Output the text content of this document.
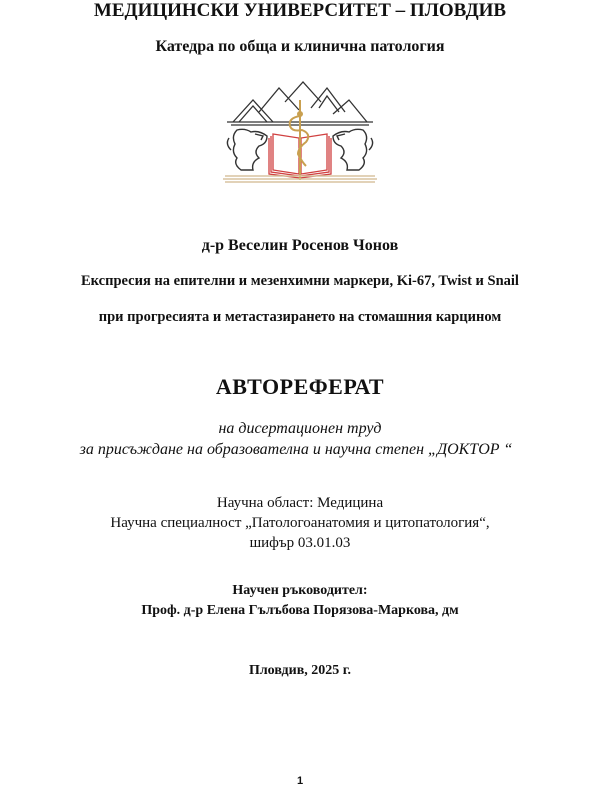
МЕДИЦИНСКИ УНИВЕРСИТЕТ – ПЛОВДИВ
Катедра по обща и клинична патология
д-р Веселин Росенов Чонов
Експресия на епителни и мезенхимни маркери, Ki-67, Twist и Snail
при прогресията и метастазирането на стомашния карцином
АВТОРЕФЕРАТ
на дисертационен труд
за присъждане на образователна и научна степен „ДОКТОР “
Научна област: Медицина
Научна специалност „Патологоанатомия и цитопатология“,
шифър 03.01.03
Научен ръководител:
Проф. д-р Елена Гълъбова Порязова-Маркова, дм
Пловдив, 2025 г.
1
